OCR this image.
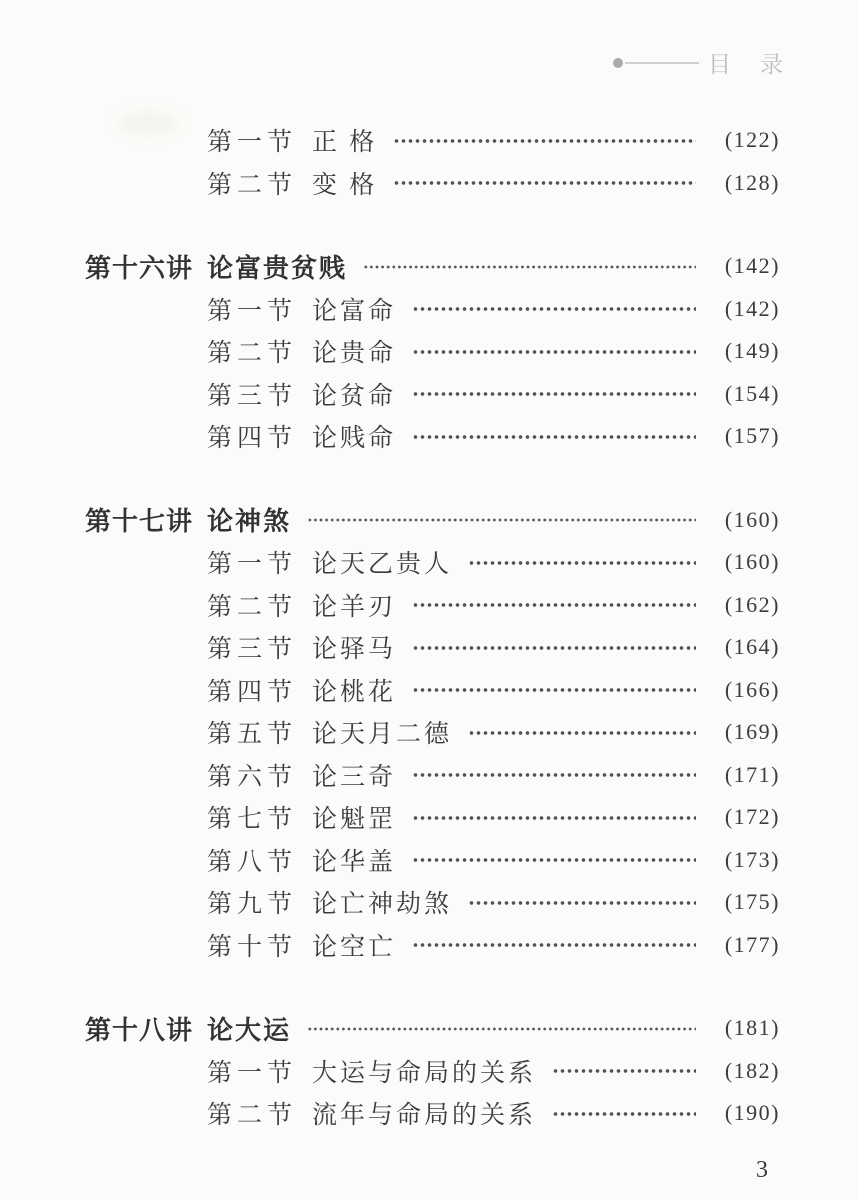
目　录
第一节 正 格	(122)
第二节 变 格	(128)
第十六讲 论富贵贫贱	(142)
第一节 论富命	(142)
第二节 论贵命	(149)
第三节 论贫命	(154)
第四节 论贱命	(157)
第十七讲 论神煞	(160)
第一节 论天乙贵人	(160)
第二节 论羊刃	(162)
第三节 论驿马	(164)
第四节 论桃花	(166)
第五节 论天月二德	(169)
第六节 论三奇	(171)
第七节 论魁罡	(172)
第八节 论华盖	(173)
第九节 论亡神劫煞	(175)
第十节 论空亡	(177)
第十八讲 论大运	(181)
第一节 大运与命局的关系	(182)
第二节 流年与命局的关系	(190)
3
